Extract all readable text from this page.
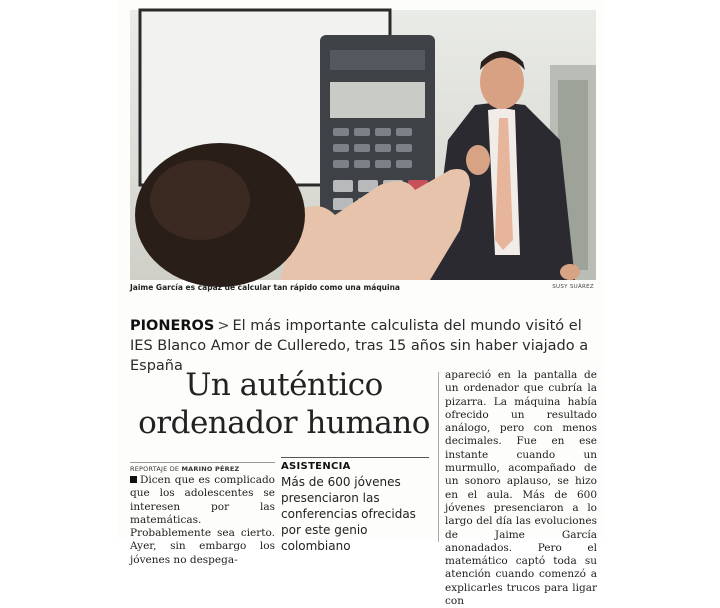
Jaime García es capaz de calcular tan rápido como una máquina	SUSY SUÁREZ
PIONEROS > El más importante calculista del mundo visitó el IES Blanco Amor de Culleredo, tras 15 años sin haber viajado a España
Un auténtico ordenador humano
REPORTAJE DE MARINO PÉREZ
Dicen que es complicado que los adolescentes se interesen por las matemáticas. Probablemente sea cierto. Ayer, sin embargo los jóvenes no despega-
ASISTENCIA
Más de 600 jóvenes presenciaron las conferencias ofrecidas por este genio colombiano
apareció en la pantalla de un ordenador que cubría la pizarra. La máquina había ofrecido un resultado análogo, pero con menos decimales. Fue en ese instante cuando un murmullo, acompañado de un sonoro aplauso, se hizo en el aula. Más de 600 jóvenes presenciaron a lo largo del día las evoluciones de Jaime García anonadados. Pero el matemático captó toda su atención cuando comenzó a explicarles trucos para ligar con
